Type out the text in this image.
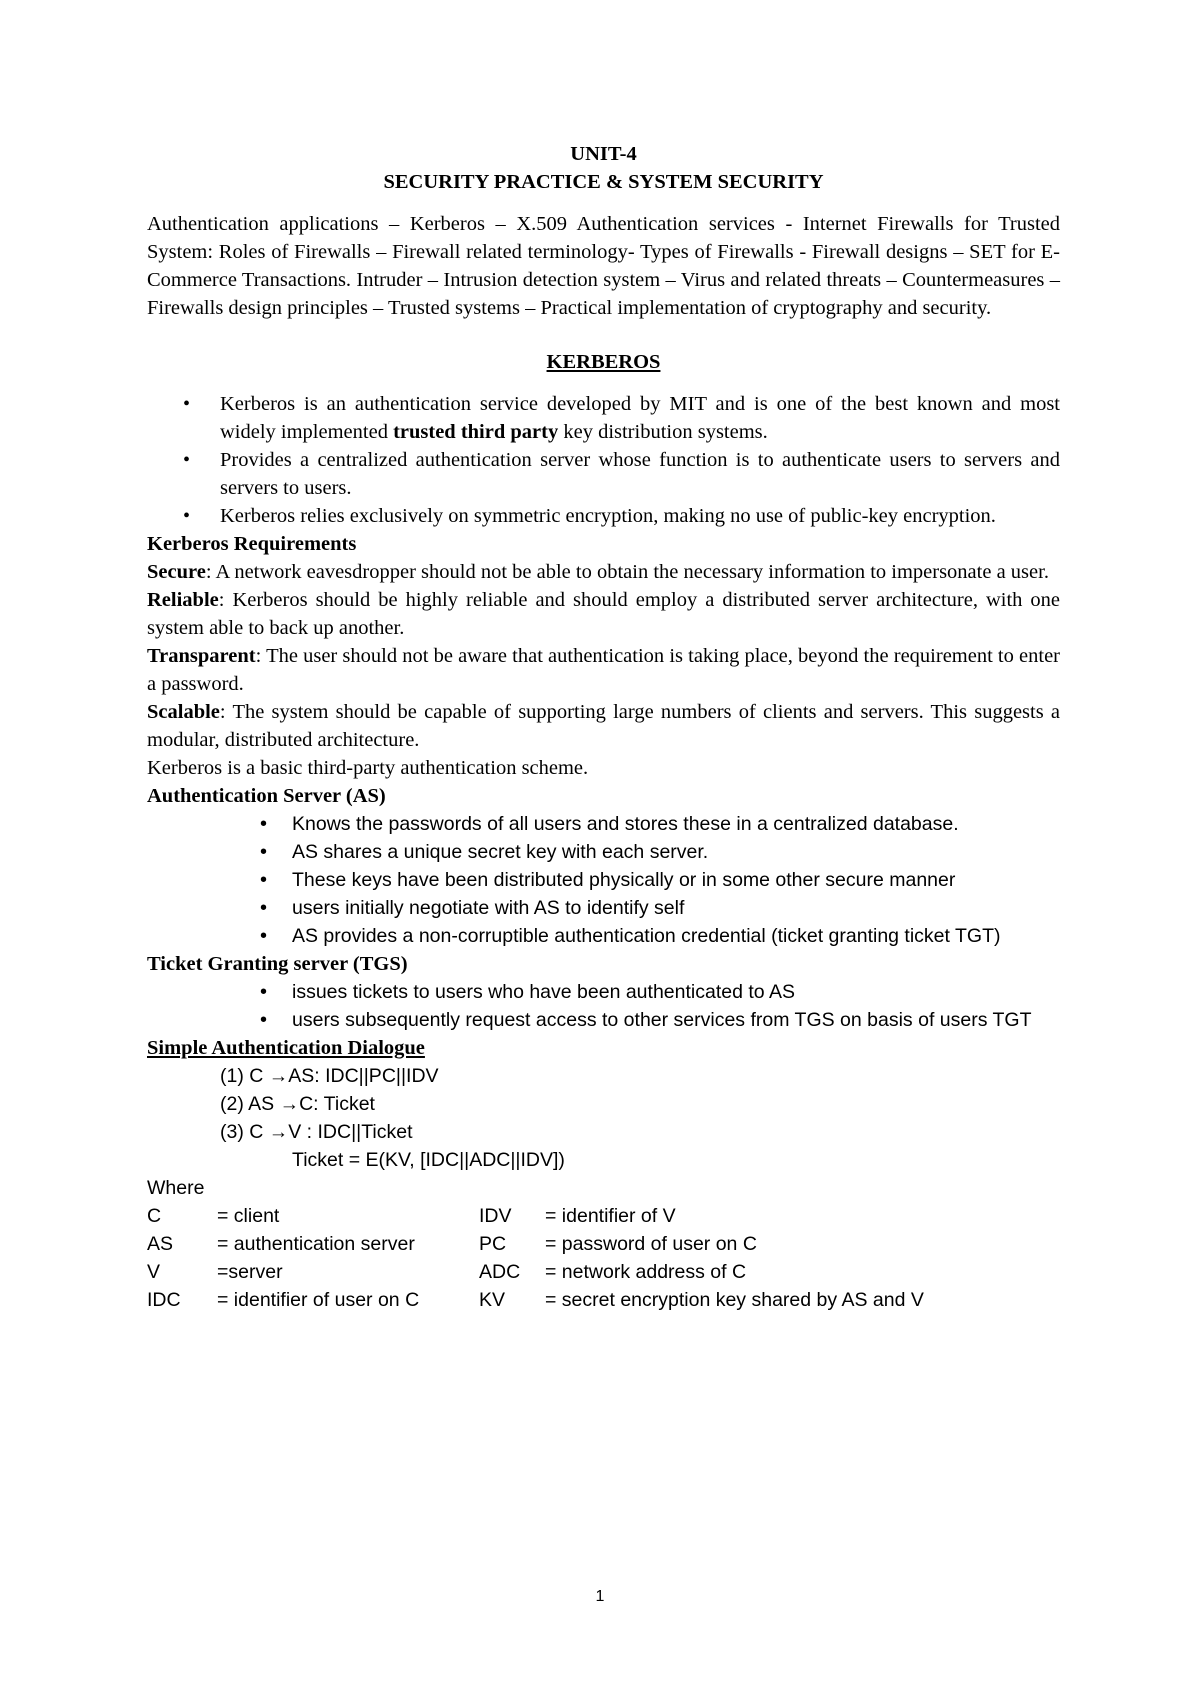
UNIT-4

SECURITY PRACTICE & SYSTEM SECURITY

Authentication applications – Kerberos – X.509 Authentication services - Internet Firewalls for Trusted System: Roles of Firewalls – Firewall related terminology- Types of Firewalls - Firewall designs – SET for E-Commerce Transactions. Intruder – Intrusion detection system – Virus and related threats – Countermeasures – Firewalls design principles – Trusted systems – Practical implementation of cryptography and security.

KERBEROS

• Kerberos is an authentication service developed by MIT and is one of the best known and most widely implemented trusted third party key distribution systems.
• Provides a centralized authentication server whose function is to authenticate users to servers and servers to users.
• Kerberos relies exclusively on symmetric encryption, making no use of public-key encryption.

Kerberos Requirements

Secure: A network eavesdropper should not be able to obtain the necessary information to impersonate a user.

Reliable: Kerberos should be highly reliable and should employ a distributed server architecture, with one system able to back up another.

Transparent: The user should not be aware that authentication is taking place, beyond the requirement to enter a password.

Scalable: The system should be capable of supporting large numbers of clients and servers. This suggests a modular, distributed architecture.

Kerberos is a basic third-party authentication scheme.

Authentication Server (AS)

• Knows the passwords of all users and stores these in a centralized database.
• AS shares a unique secret key with each server.
• These keys have been distributed physically or in some other secure manner
• users initially negotiate with AS to identify self
• AS provides a non-corruptible authentication credential (ticket granting ticket TGT)

Ticket Granting server (TGS)

• issues tickets to users who have been authenticated to AS
• users subsequently request access to other services from TGS on basis of users TGT

Simple Authentication Dialogue

(1) C →AS: IDC||PC||IDV

(2) AS →C: Ticket

(3) C →V : IDC||Ticket

Ticket = E(KV, [IDC||ADC||IDV])

Where

C	= client	IDV	= identifier of V
AS	= authentication server	PC	= password of user on C
V	=server	ADC	= network address of C
IDC	= identifier of user on C	KV	= secret encryption key shared by AS and V
1
